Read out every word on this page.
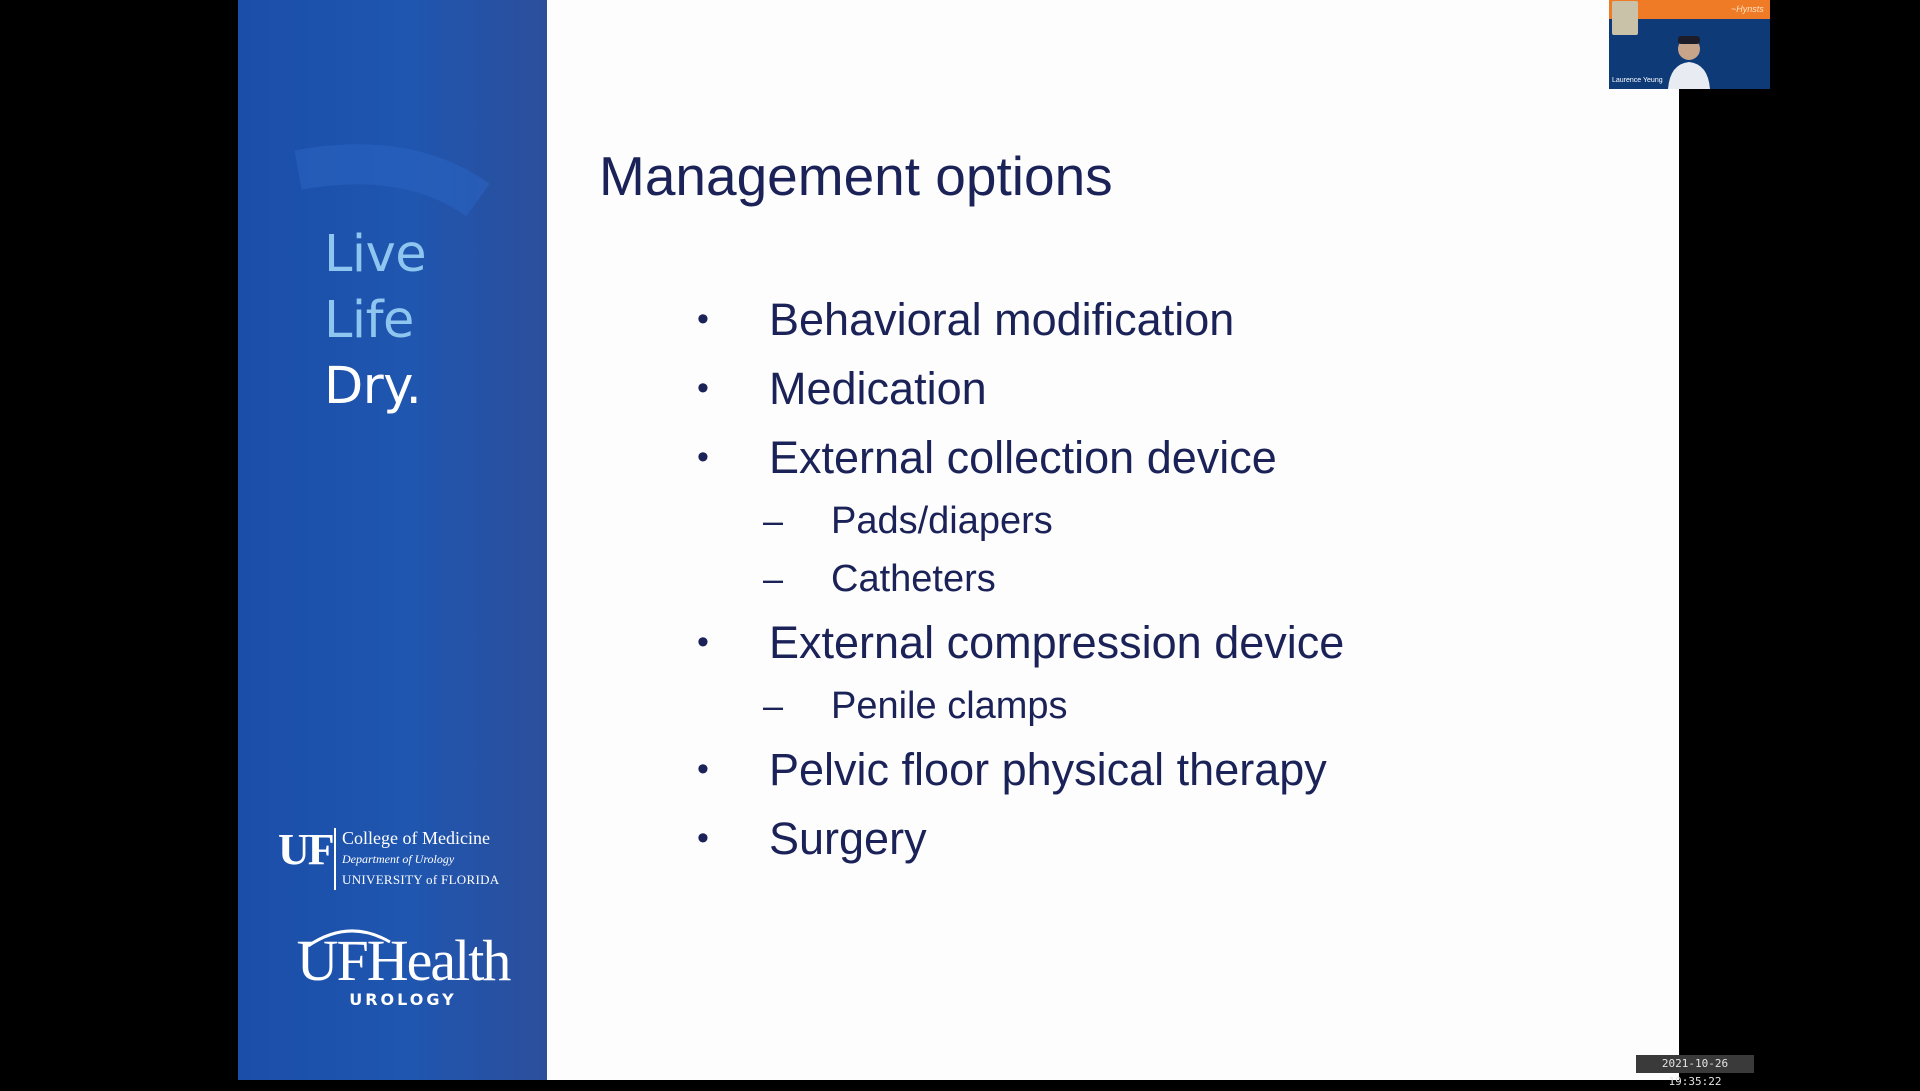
Live
Life
Dry.
UF College of Medicine
Department of Urology
UNIVERSITY of FLORIDA
UFHealth
UROLOGY
Management options
• Behavioral modification
• Medication
• External collection device
– Pads/diapers
– Catheters
• External compression device
– Penile clamps
• Pelvic floor physical therapy
• Surgery
~Hynsts
Laurence Yeung
2021-10-26 19:35:22
